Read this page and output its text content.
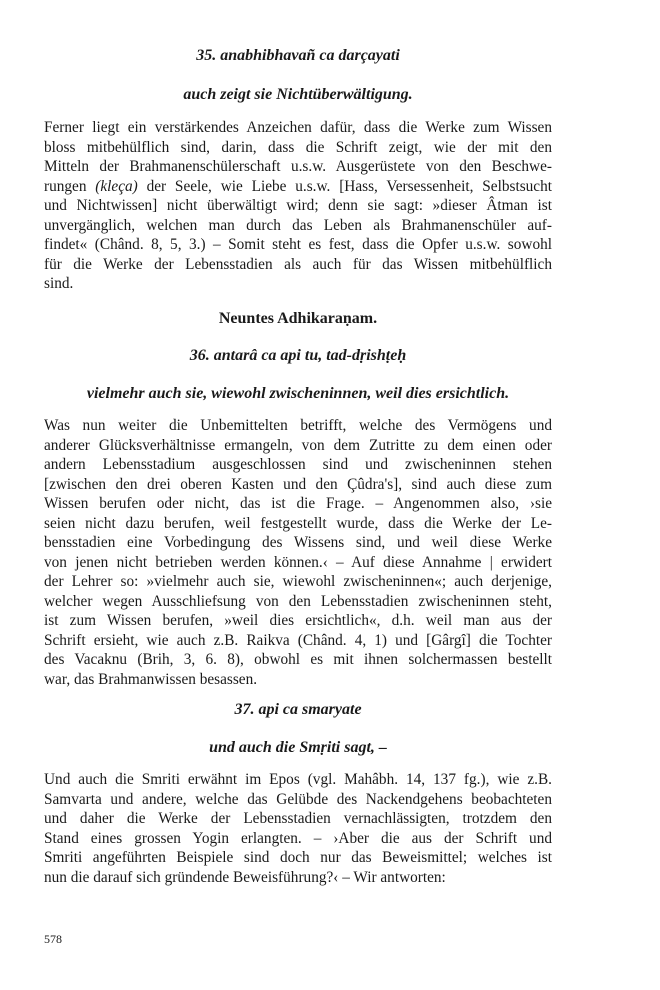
35. anabhibhavañ ca darçayati
auch zeigt sie Nichtüberwältigung.
Ferner liegt ein verstärkendes Anzeichen dafür, dass die Werke zum Wissen
bloss mitbehülflich sind, darin, dass die Schrift zeigt, wie der mit den
Mitteln der Brahmanenschülerschaft u.s.w. Ausgerüstete von den Beschwe-
rungen (kleça) der Seele, wie Liebe u.s.w. [Hass, Versessenheit, Selbstsucht
und Nichtwissen] nicht überwältigt wird; denn sie sagt: »dieser Âtman ist
unvergänglich, welchen man durch das Leben als Brahmanenschüler auf-
findet« (Chând. 8, 5, 3.) – Somit steht es fest, dass die Opfer u.s.w. sowohl
für die Werke der Lebensstadien als auch für das Wissen mitbehülflich
sind.
Neuntes Adhikaraṇam.
36. antarâ ca api tu, tad-dṛishṭeḥ
vielmehr auch sie, wiewohl zwischeninnen, weil dies ersichtlich.
Was nun weiter die Unbemittelten betrifft, welche des Vermögens und
anderer Glücksverhältnisse ermangeln, von dem Zutritte zu dem einen oder
andern Lebensstadium ausgeschlossen sind und zwischeninnen stehen
[zwischen den drei oberen Kasten und den Çûdra's], sind auch diese zum
Wissen berufen oder nicht, das ist die Frage. – Angenommen also, ›sie
seien nicht dazu berufen, weil festgestellt wurde, dass die Werke der Le-
bensstadien eine Vorbedingung des Wissens sind, und weil diese Werke
von jenen nicht betrieben werden können.‹ – Auf diese Annahme | erwidert
der Lehrer so: »vielmehr auch sie, wiewohl zwischeninnen«; auch derjenige,
welcher wegen Ausschliefsung von den Lebensstadien zwischeninnen steht,
ist zum Wissen berufen, »weil dies ersichtlich«, d.h. weil man aus der
Schrift ersieht, wie auch z.B. Raikva (Chând. 4, 1) und [Gârgî] die Tochter
des Vacaknu (Brih, 3, 6. 8), obwohl es mit ihnen solchermassen bestellt
war, das Brahmanwissen besassen.
37. api ca smaryate
und auch die Smṛiti sagt, –
Und auch die Smriti erwähnt im Epos (vgl. Mahâbh. 14, 137 fg.), wie z.B.
Samvarta und andere, welche das Gelübde des Nackendgehens beobachteten
und daher die Werke der Lebensstadien vernachlässigten, trotzdem den
Stand eines grossen Yogin erlangten. – ›Aber die aus der Schrift und
Smriti angeführten Beispiele sind doch nur das Beweismittel; welches ist
nun die darauf sich gründende Beweisführung?‹ – Wir antworten:
578
